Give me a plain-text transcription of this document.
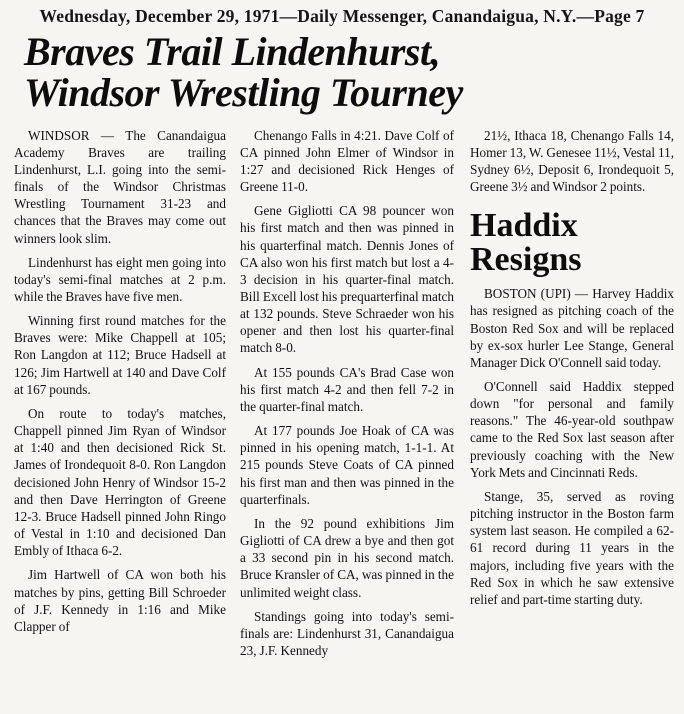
Wednesday, December 29, 1971—Daily Messenger, Canandaigua, N.Y.—Page 7
Braves Trail Lindenhurst,
Windsor Wrestling Tourney

WINDSOR — The Canandaigua Academy Braves are trailing Lindenhurst, L.I. going into the semi-finals of the Windsor Christmas Wrestling Tournament 31-23 and chances that the Braves may come out winners look slim.

Lindenhurst has eight men going into today's semi-final matches at 2 p.m. while the Braves have five men.

Winning first round matches for the Braves were: Mike Chappell at 105; Ron Langdon at 112; Bruce Hadsell at 126; Jim Hartwell at 140 and Dave Colf at 167 pounds.

On route to today's matches, Chappell pinned Jim Ryan of Windsor at 1:40 and then decisioned Rick St. James of Irondequoit 8-0. Ron Langdon decisioned John Henry of Windsor 15-2 and then Dave Herrington of Greene 12-3. Bruce Hadsell pinned John Ringo of Vestal in 1:10 and decisioned Dan Embly of Ithaca 6-2.

Jim Hartwell of CA won both his matches by pins, getting Bill Schroeder of J.F. Kennedy in 1:16 and Mike Clapper of

Chenango Falls in 4:21. Dave Colf of CA pinned John Elmer of Windsor in 1:27 and decisioned Rick Henges of Greene 11-0.

Gene Gigliotti CA 98 pouncer won his first match and then was pinned in his quarterfinal match. Dennis Jones of CA also won his first match but lost a 4-3 decision in his quarter-final match. Bill Excell lost his prequarterfinal match at 132 pounds. Steve Schraeder won his opener and then lost his quarter-final match 8-0.

At 155 pounds CA's Brad Case won his first match 4-2 and then fell 7-2 in the quarter-final match.

At 177 pounds Joe Hoak of CA was pinned in his opening match, 1-1-1. At 215 pounds Steve Coats of CA pinned his first man and then was pinned in the quarterfinals.

In the 92 pound exhibitions Jim Gigliotti of CA drew a bye and then got a 33 second pin in his second match. Bruce Kransler of CA, was pinned in the unlimited weight class.

Standings going into today's semi-finals are: Lindenhurst 31, Canandaigua 23, J.F. Kennedy

21½, Ithaca 18, Chenango Falls 14, Homer 13, W. Genesee 11½, Vestal 11, Sydney 6½, Deposit 6, Irondequoit 5, Greene 3½ and Windsor 2 points.

Haddix
Resigns

BOSTON (UPI) — Harvey Haddix has resigned as pitching coach of the Boston Red Sox and will be replaced by ex-sox hurler Lee Stange, General Manager Dick O'Connell said today.

O'Connell said Haddix stepped down "for personal and family reasons." The 46-year-old southpaw came to the Red Sox last season after previously coaching with the New York Mets and Cincinnati Reds.

Stange, 35, served as roving pitching instructor in the Boston farm system last season. He compiled a 62-61 record during 11 years in the majors, including five years with the Red Sox in which he saw extensive relief and part-time starting duty.
